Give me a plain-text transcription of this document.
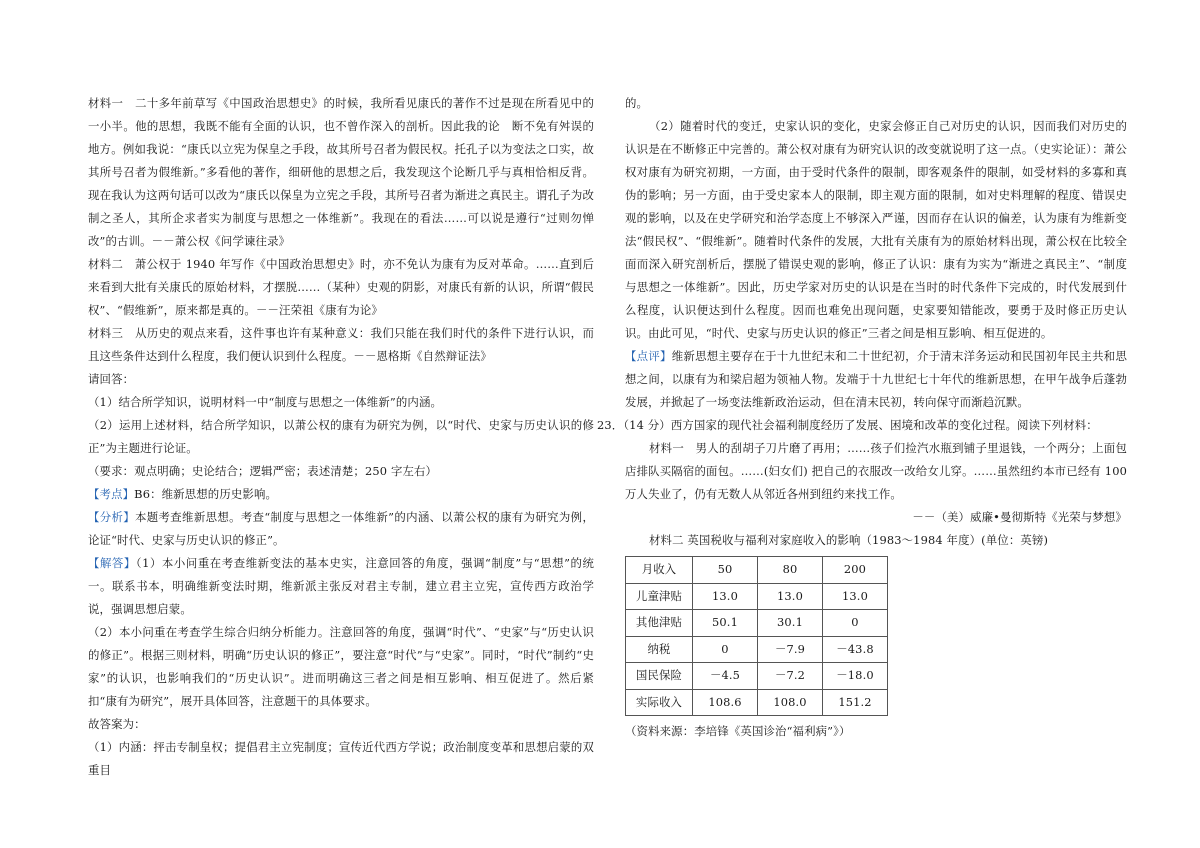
材料一　二十多年前草写《中国政治思想史》的时候，我所看见康氏的著作不过是现在所看见中的一小半。他的思想，我既不能有全面的认识，也不曾作深入的剖析。因此我的论　断不免有舛误的地方。例如我说：“康氏以立宪为保皇之手段，故其所号召者为假民权。托孔子以为变法之口实，故其所号召者为假维新。”多看他的著作，细研他的思想之后，我发现这个论断几乎与真相恰相反背。现在我认为这两句话可以改为“康氏以保皇为立宪之手段，其所号召者为渐进之真民主。谓孔子为改制之圣人，其所企求者实为制度与思想之一体维新”。我现在的看法……可以说是遵行“过则勿惮改”的古训。－－萧公权《问学谏往录》

材料二　萧公权于 1940 年写作《中国政治思想史》时，亦不免认为康有为反对革命。……直到后来看到大批有关康氏的原始材料，才摆脱……（某种）史观的阴影，对康氏有新的认识，所谓“假民权”、“假维新”，原来都是真的。－－汪荣祖《康有为论》

材料三　从历史的观点来看，这件事也许有某种意义：我们只能在我们时代的条件下进行认识，而且这些条件达到什么程度，我们便认识到什么程度。－－恩格斯《自然辩证法》

请回答：

（1）结合所学知识，说明材料一中“制度与思想之一体维新”的内涵。

（2）运用上述材料，结合所学知识，以萧公权的康有为研究为例，以“时代、史家与历史认识的修正”为主题进行论证。

（要求：观点明确；史论结合；逻辑严密；表述清楚；250 字左右）

【考点】B6：维新思想的历史影响。

【分析】本题考查维新思想。考查“制度与思想之一体维新”的内涵、以萧公权的康有为研究为例，论证“时代、史家与历史认识的修正”。

【解答】（1）本小问重在考查维新变法的基本史实，注意回答的角度，强调“制度”与“思想”的统一。联系书本，明确维新变法时期，维新派主张反对君主专制，建立君主立宪，宣传西方政治学说，强调思想启蒙。

（2）本小问重在考查学生综合归纳分析能力。注意回答的角度，强调“时代”、“史家”与“历史认识的修正”。根据三则材料，明确“历史认识的修正”，要注意“时代”与“史家”。同时，“时代”制约“史家”的认识，也影响我们的“历史认识”。进而明确这三者之间是相互影响、相互促进了。然后紧扣“康有为研究”，展开具体回答，注意题干的具体要求。

故答案为：

（1）内涵：抨击专制皇权；提倡君主立宪制度；宣传近代西方学说；政治制度变革和思想启蒙的双重目

的。

（2）随着时代的变迁，史家认识的变化，史家会修正自己对历史的认识，因而我们对历史的认识是在不断修正中完善的。萧公权对康有为研究认识的改变就说明了这一点。（史实论证）：萧公权对康有为研究初期，一方面，由于受时代条件的限制，即客观条件的限制，如受材料的多寡和真伪的影响；另一方面，由于受史家本人的限制，即主观方面的限制，如对史料理解的程度、错误史观的影响，以及在史学研究和治学态度上不够深入严谨，因而存在认识的偏差，认为康有为维新变法“假民权”、“假维新”。随着时代条件的发展，大批有关康有为的原始材料出现，萧公权在比较全面而深入研究剖析后，摆脱了错误史观的影响，修正了认识：康有为实为“渐进之真民主”、“制度与思想之一体维新”。因此，历史学家对历史的认识是在当时的时代条件下完成的，时代发展到什么程度，认识便达到什么程度。因而也难免出现问题，史家要知错能改，要勇于及时修正历史认识。由此可见，“时代、史家与历史认识的修正”三者之间是相互影响、相互促进的。

【点评】维新思想主要存在于十九世纪末和二十世纪初，介于清末洋务运动和民国初年民主共和思想之间，以康有为和梁启超为领袖人物。发端于十九世纪七十年代的维新思想，在甲午战争后蓬勃发展，并掀起了一场变法维新政治运动，但在清末民初，转向保守而渐趋沉默。

23．（14 分）西方国家的现代社会福利制度经历了发展、困境和改革的变化过程。阅读下列材料：

材料一　男人的刮胡子刀片磨了再用；……孩子们捡汽水瓶到铺子里退钱，一个两分；上面包店排队买隔宿的面包。……(妇女们) 把自己的衣服改一改给女儿穿。……虽然纽约本市已经有 100 万人失业了，仍有无数人从邻近各州到纽约来找工作。

－－（美）威廉•曼彻斯特《光荣与梦想》

材料二 英国税收与福利对家庭收入的影响（1983～1984 年度）(单位：英镑)

月收入	50	80	200
儿童津贴	13.0	13.0	13.0
其他津贴	50.1	30.1	0
纳税	0	－7.9	－43.8
国民保险	－4.5	－7.2	－18.0
实际收入	108.6	108.0	151.2

（资料来源：李培锋《英国诊治“福利病”》）
